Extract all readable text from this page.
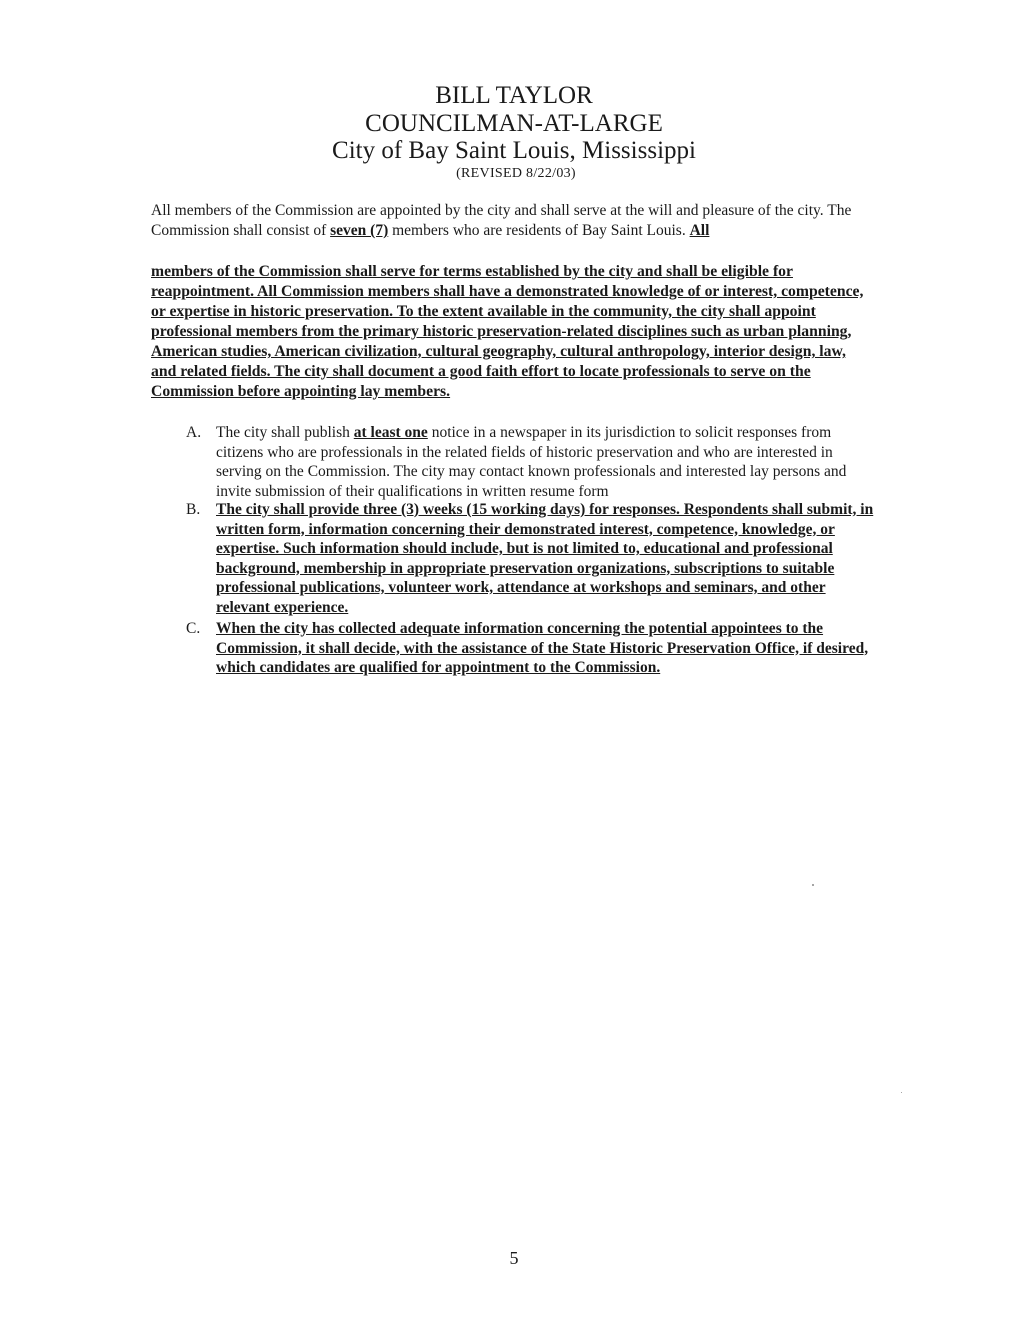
BILL TAYLOR
COUNCILMAN-AT-LARGE
City of Bay Saint Louis, Mississippi
(REVISED 8/22/03)
All members of the Commission are appointed by the city and shall serve at the will and pleasure of the city. The Commission shall consist of seven (7) members who are residents of Bay Saint Louis. All
members of the Commission shall serve for terms established by the city and shall be eligible for reappointment. All Commission members shall have a demonstrated knowledge of or interest, competence, or expertise in historic preservation. To the extent available in the community, the city shall appoint professional members from the primary historic preservation-related disciplines such as urban planning, American studies, American civilization, cultural geography, cultural anthropology, interior design, law, and related fields. The city shall document a good faith effort to locate professionals to serve on the Commission before appointing lay members.
A. The city shall publish at least one notice in a newspaper in its jurisdiction to solicit responses from citizens who are professionals in the related fields of historic preservation and who are interested in serving on the Commission. The city may contact known professionals and interested lay persons and invite submission of their qualifications in written resume form
B. The city shall provide three (3) weeks (15 working days) for responses. Respondents shall submit, in written form, information concerning their demonstrated interest, competence, knowledge, or expertise. Such information should include, but is not limited to, educational and professional background, membership in appropriate preservation organizations, subscriptions to suitable professional publications, volunteer work, attendance at workshops and seminars, and other relevant experience.
C. When the city has collected adequate information concerning the potential appointees to the Commission, it shall decide, with the assistance of the State Historic Preservation Office, if desired, which candidates are qualified for appointment to the Commission.
5
